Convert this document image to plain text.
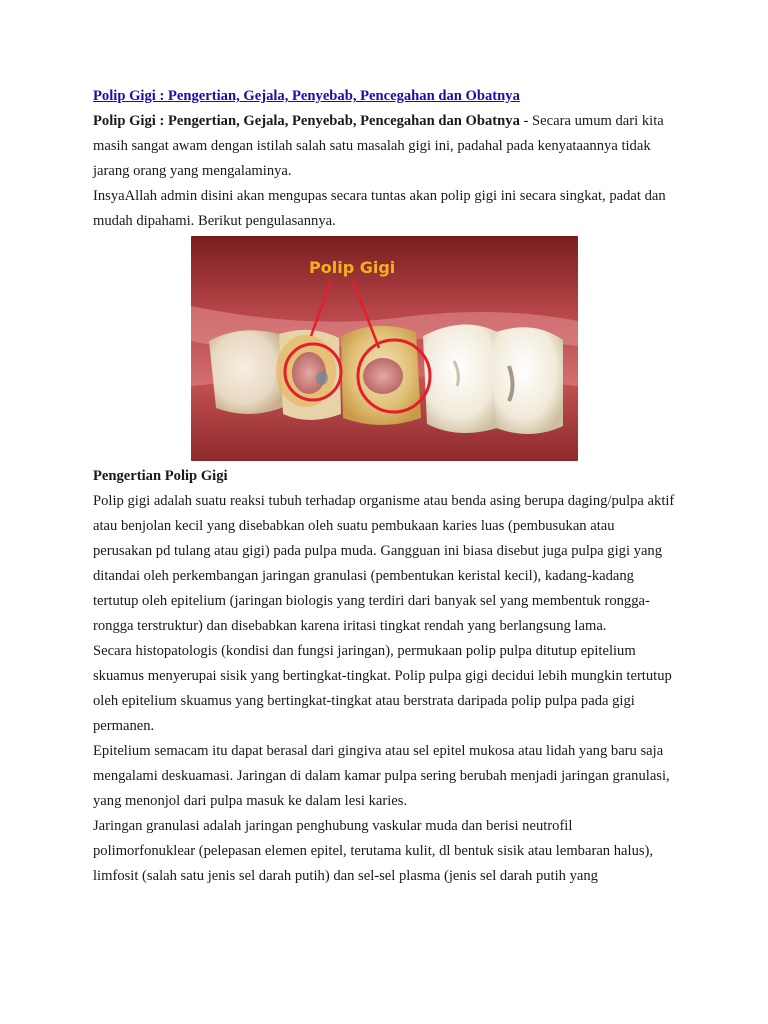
Polip Gigi : Pengertian, Gejala, Penyebab, Pencegahan dan Obatnya

Polip Gigi : Pengertian, Gejala, Penyebab, Pencegahan dan Obatnya - Secara umum dari kita masih sangat awam dengan istilah salah satu masalah gigi ini, padahal pada kenyataannya tidak jarang orang yang mengalaminya.

InsyaAllah admin disini akan mengupas secara tuntas akan polip gigi ini secara singkat, padat dan mudah dipahami. Berikut pengulasannya.

Polip Gigi

Pengertian Polip Gigi

Polip gigi adalah suatu reaksi tubuh terhadap organisme atau benda asing berupa daging/pulpa aktif atau benjolan kecil yang disebabkan oleh suatu pembukaan karies luas (pembusukan atau perusakan pd tulang atau gigi) pada pulpa muda. Gangguan ini biasa disebut juga pulpa gigi yang ditandai oleh perkembangan jaringan granulasi (pembentukan keristal kecil), kadang-kadang tertutup oleh epitelium (jaringan biologis yang terdiri dari banyak sel yang membentuk rongga-rongga terstruktur) dan disebabkan karena iritasi tingkat rendah yang berlangsung lama.

Secara histopatologis (kondisi dan fungsi jaringan), permukaan polip pulpa ditutup epitelium skuamus menyerupai sisik yang bertingkat-tingkat. Polip pulpa gigi decidui lebih mungkin tertutup oleh epitelium skuamus yang bertingkat-tingkat atau berstrata daripada polip pulpa pada gigi permanen.

Epitelium semacam itu dapat berasal dari gingiva atau sel epitel mukosa atau lidah yang baru saja mengalami deskuamasi. Jaringan di dalam kamar pulpa sering berubah menjadi jaringan granulasi, yang menonjol dari pulpa masuk ke dalam lesi karies.

Jaringan granulasi adalah jaringan penghubung vaskular muda dan berisi neutrofil polimorfonuklear (pelepasan elemen epitel, terutama kulit, dl bentuk sisik atau lembaran halus), limfosit (salah satu jenis sel darah putih) dan sel-sel plasma (jenis sel darah putih yang
